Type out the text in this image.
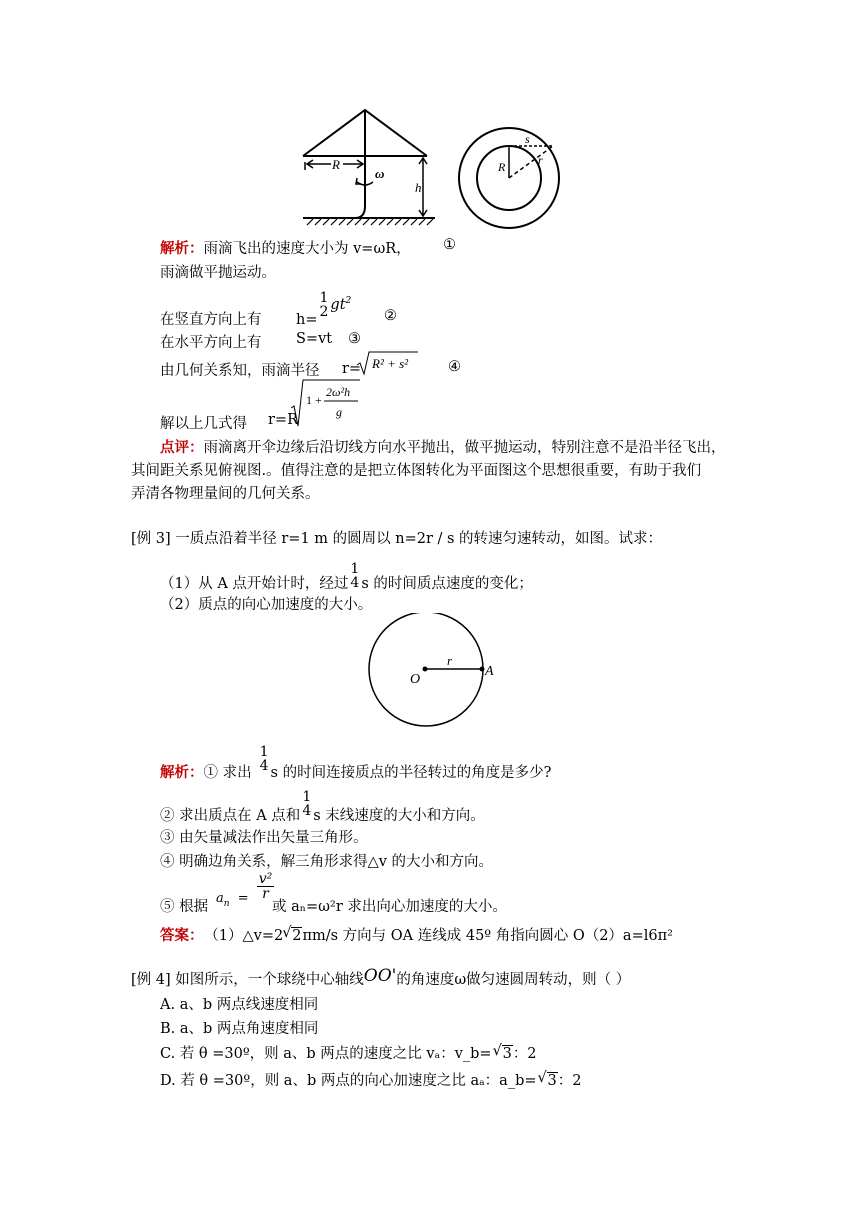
R
ω
h
s
R	r
解析：雨滴飞出的速度大小为 v=ωR， ①
雨滴做平抛运动。
在竖直方向上有 h=
1
2 $gt^2$
②
在水平方向上有 S=vt ③
由几何关系知，雨滴半径 r= R² + s²	④
解以上几式得 r=R
1 +
2ω²h
g
点评：雨滴离开伞边缘后沿切线方向水平抛出，做平抛运动，特别注意不是沿半径飞出，
其间距关系见俯视图.。值得注意的是把立体图转化为平面图这个思想很重要，有助于我们
弄清各物理量间的几何关系。
[例 3] 一质点沿着半径 r=1 m 的圆周以 n=2r / s 的转速匀速转动，如图。试求：
（1）从 A 点开始计时，经过
1
4 s 的时间质点速度的变化；
（2）质点的向心加速度的大小。
O
r
A
解析：① 求出
1
4 s 的时间连接质点的半径转过的角度是多少?
② 求出质点在 A 点和
1
4 s 末线速度的大小和方向。
③ 由矢量减法作出矢量三角形。
④ 明确边角关系，解三角形求得△v 的大小和方向。
⑤ 根据
$a_n = \frac{\text{v²}}{r}$
或 aₙ=ω²r 求出向心加速度的大小。
答案： （1）△v=2 √ 2πm/s 方向与 OA 连线成 45º 角指向圆心 O（2）a=l6π²
[例 4] 如图所示，一个球绕中心轴线OO'的角速度ω做匀速圆周转动，则（ ）
A. a、b 两点线速度相同
B. a、b 两点角速度相同
C. 若 θ =30º，则 a、b 两点的速度之比 vₐ：v_b= √ 3：2
D. 若 θ =30º，则 a、b 两点的向心加速度之比 aₐ：a_b= √ 3：2
